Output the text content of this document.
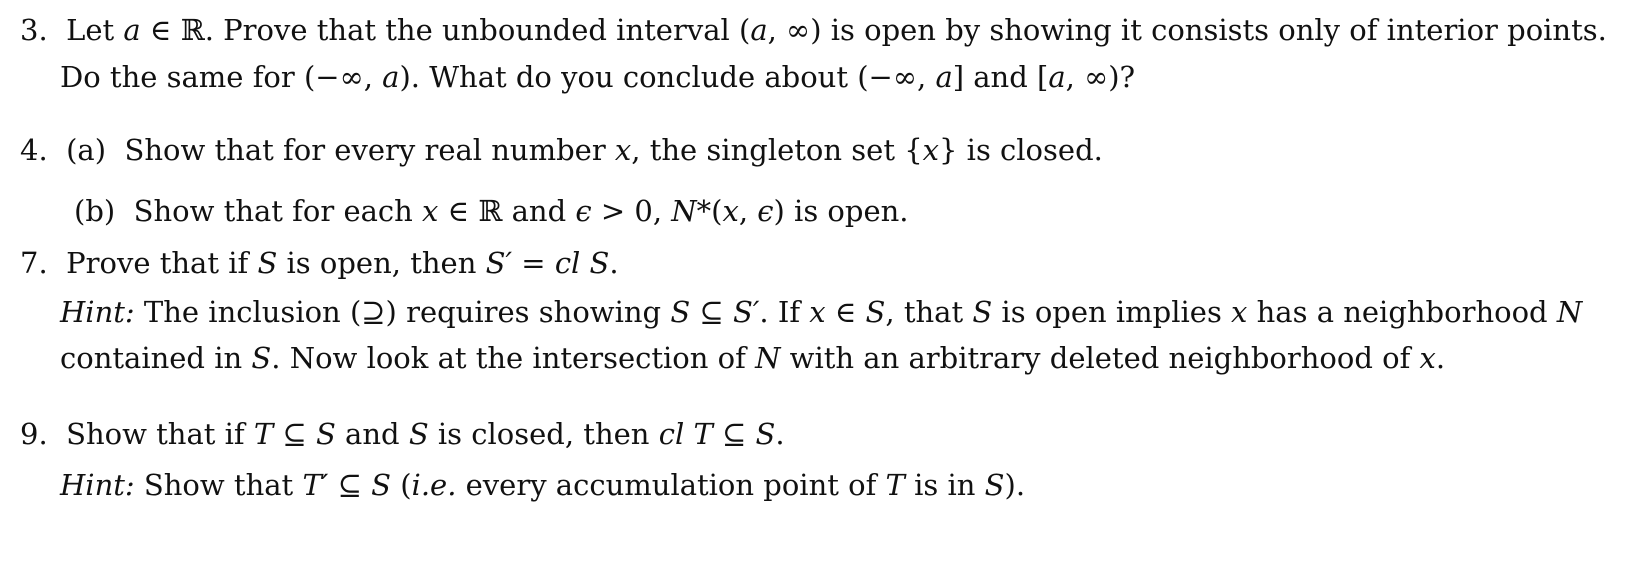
3. Let a ∈ ℝ. Prove that the unbounded interval (a, ∞) is open by showing it consists only of interior points.
Do the same for (−∞, a). What do you conclude about (−∞, a] and [a, ∞)?
4. (a) Show that for every real number x, the singleton set {x} is closed.
(b) Show that for each x ∈ ℝ and ϵ > 0, N*(x, ϵ) is open.
7. Prove that if S is open, then S′ = cl S.
Hint: The inclusion (⊇) requires showing S ⊆ S′. If x ∈ S, that S is open implies x has a neighborhood N
contained in S. Now look at the intersection of N with an arbitrary deleted neighborhood of x.
9. Show that if T ⊆ S and S is closed, then cl T ⊆ S.
Hint: Show that T′ ⊆ S (i.e. every accumulation point of T is in S).
